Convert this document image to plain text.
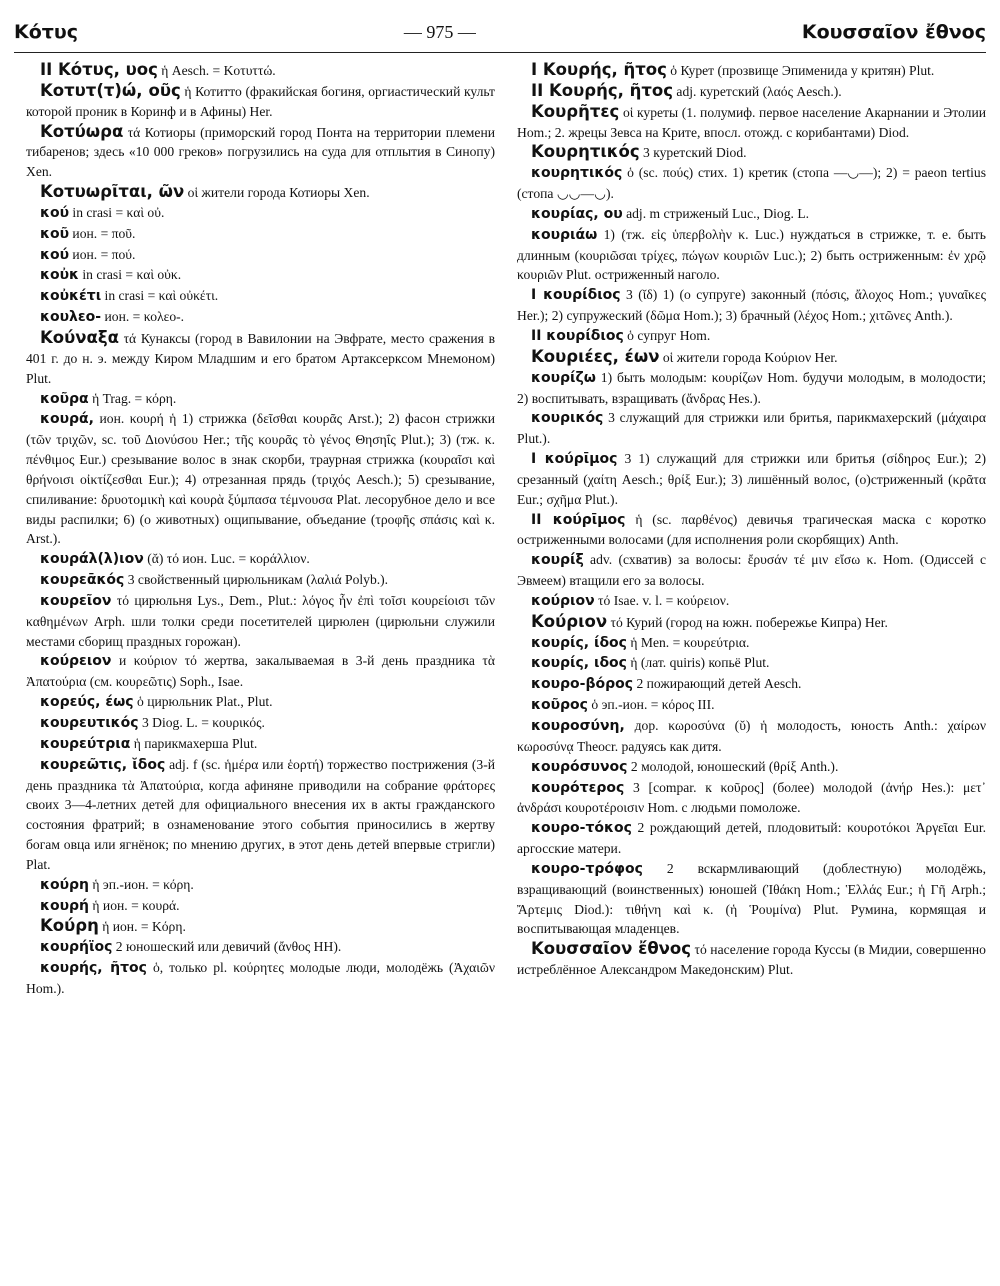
Κότυς	— 975 —	Κουσσαῖον ἔθνος

II Κότυς, υος ἡ Aesch. = Κοτυττώ.

Κοτυτ(τ)ώ, οῦς ἡ Котитто (фракийская богиня, оргиастический культ которой проник в Коринф и в Афины) Her.

Κοτύωρα τά Котиоры (приморский город Понта на территории племени тибаренов; здесь «10 000 греков» погрузились на суда для отплытия в Синопу) Xen.

Κοτυωρῖται, ῶν οἱ жители города Котиоры Xen.

κού in crasi = καὶ οὐ.

κοῦ ион. = ποῦ.

κού ион. = πού.

κοὐκ in crasi = καὶ οὐκ.

κοὐκέτι in crasi = καὶ οὐκέτι.

κουλεο- ион. = κολεο-.

Κούναξα τά Кунаксы (город в Вавилонии на Эвфрате, место сражения в 401 г. до н. э. между Киром Младшим и его братом Артаксерксом Мнемоном) Plut.

κοῦρα ἡ Trag. = κόρη.

κουρά, ион. κουρή ἡ 1) стрижка (δεῖσθαι κουρᾶς Arst.); 2) фасон стрижки (τῶν τριχῶν, sc. τοῦ Διονύσου Her.; τῆς κουρᾶς τὸ γένος Θησηΐς Plut.); 3) (тж. κ. πένθιμος Eur.) срезывание волос в знак скорби, траурная стрижка (κουραῖσι καὶ θρήνοισι οἰκτίζεσθαι Eur.); 4) отрезанная прядь (τριχός Aesch.); 5) срезывание, спиливание: δρυοτομικὴ καὶ κουρὰ ξύμπασα τέμνουσα Plat. лесорубное дело и все виды распилки; 6) (о животных) ощипывание, объедание (τροφῆς σπάσις καὶ κ. Arst.).

κουράλ(λ)ιον (ᾰ) τό ион. Luc. = κοράλλιον.

κουρεᾱκός 3 свойственный цирюльникам (λαλιά Polyb.).

κουρεῖον τό цирюльня Lys., Dem., Plut.: λόγος ἦν ἐπὶ τοῖσι κουρείοισι τῶν καθημένων Arph. шли толки среди посетителей цирюлен (цирюльни служили местами сборищ праздных горожан).

κούρειον и κούριον τό жертва, закалываемая в 3-й день праздника τὰ Ἀπατούρια (см. κουρεῶτις) Soph., Isae.

κορεύς, έως ὁ цирюльник Plat., Plut.

κουρευτικός 3 Diog. L. = κουρικός.

κουρεύτρια ἡ парикмахерша Plut.

κουρεῶτις, ῐδος adj. f (sc. ἡμέρα или ἑορτή) торжество пострижения (3-й день праздника τὰ Ἀπατούρια, когда афиняне приводили на собрание φράτορες своих 3—4-летних детей для официального внесения их в акты гражданского состояния фратрий; в ознаменование этого события приносились в жертву богам овца или ягнёнок; по мнению других, в этот день детей впервые стригли) Plat.

κούρη ἡ эп.-ион. = κόρη.

κουρή ἡ ион. = κουρά.

Κούρη ἡ ион. = Κόρη.

κουρήϊος 2 юношеский или девичий (ἄνθος HH).

κουρής, ῆτος ὁ, только pl. κούρητες молодые люди, молодёжь (Ἀχαιῶν Hom.).

I Κουρής, ῆτος ὁ Курет (прозвище Эпименида у критян) Plut.

II Κουρής, ῆτος adj. куретский (λαός Aesch.).

Κουρῆτες οἱ куреты (1. полумиф. первое население Акарнании и Этолии Hom.; 2. жрецы Зевса на Крите, впосл. отожд. с корибантами) Diod.

Κουρητικός 3 куретский Diod.

κουρητικός ὁ (sc. πούς) стих. 1) кретик (стопа —◡—); 2) = paeon tertius (стопа ◡◡—◡).

κουρίας, ου adj. m стриженый Luc., Diog. L.

κουριάω 1) (тж. εἰς ὑπερβολὴν κ. Luc.) нуждаться в стрижке, т. е. быть длинным (κουριῶσαι τρίχες, πώγων κουριῶν Luc.); 2) быть остриженным: ἐν χρῷ κουριῶν Plut. остриженный наголо.

I κουρίδιος 3 (ῐδ) 1) (о супруге) законный (πόσις, ἄλοχος Hom.; γυναῖκες Her.); 2) супружеский (δῶμα Hom.); 3) брачный (λέχος Hom.; χιτῶνες Anth.).

II κουρίδιος ὁ супруг Hom.

Κουριέες, έων οἱ жители города Κούριον Her.

κουρίζω 1) быть молодым: κουρίζων Hom. будучи молодым, в молодости; 2) воспитывать, взращивать (ἄνδρας Hes.).

κουρικός 3 служащий для стрижки или бритья, парикмахерский (μάχαιρα Plut.).

I κούρῑμος 3 1) служащий для стрижки или бритья (σίδηρος Eur.); 2) срезанный (χαίτη Aesch.; θρίξ Eur.); 3) лишённый волос, (о)стриженный (κρᾶτα Eur.; σχῆμα Plut.).

II κούρῑμος ἡ (sc. παρθένος) девичья трагическая маска с коротко остриженными волосами (для исполнения роли скорбящих) Anth.

κουρίξ adv. (схватив) за волосы: ἔρυσάν τέ μιν εἴσω κ. Hom. (Одиссей с Эвмеем) втащили его за волосы.

κούριον τό Isae. v. l. = κούρειον.

Κούριον τό Курий (город на южн. побережье Кипра) Her.

κουρίς, ίδος ἡ Men. = κουρεύτρια.

κουρίς, ιδος ἡ (лат. quiris) копьё Plut.

κουρο-βόρος 2 пожирающий детей Aesch.

κοῦρος ὁ эп.-ион. = κόρος III.

κουροσύνη, дор. κωροσύνα (ῠ) ἡ молодость, юность Anth.: χαίρων κωροσύνᾳ Theocr. радуясь как дитя.

κουρόσυνος 2 молодой, юношеский (θρίξ Anth.).

κουρότερος 3 [compar. к κοῦρος] (более) молодой (ἀνήρ Hes.): μετ᾽ ἀνδράσι κουροτέροισιν Hom. с людьми помоложе.

κουρο-τόκος 2 рождающий детей, плодовитый: κουροτόκοι Ἀργεῖαι Eur. аргосские матери.

κουρο-τρόφος 2 вскармливающий (доблестную) молодёжь, взращивающий (воинственных) юношей (Ἰθάκη Hom.; Ἑλλάς Eur.; ἡ Γῆ Arph.; Ἄρτεμις Diod.): τιθήνη καὶ κ. (ἡ Ῥουμίνα) Plut. Румина, кормящая и воспитывающая младенцев.

Κουσσαῖον ἔθνος τό население города Куссы (в Мидии, совершенно истреблённое Александром Македонским) Plut.
